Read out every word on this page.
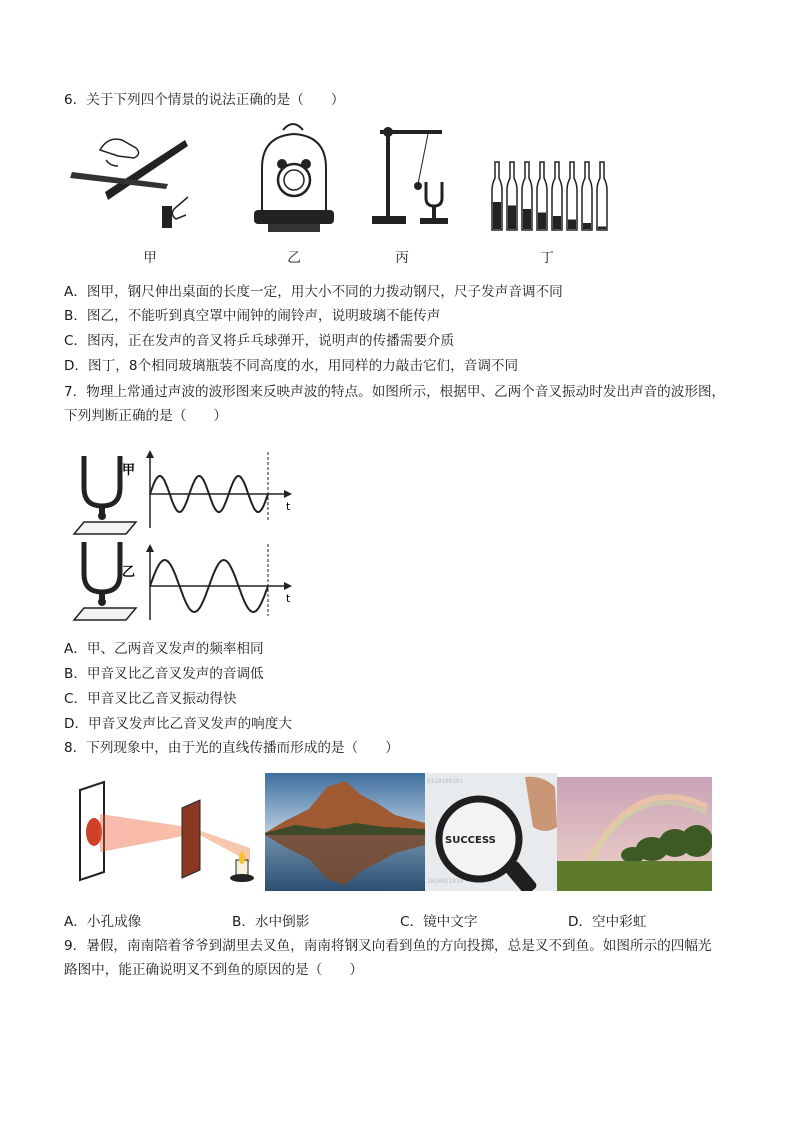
6．关于下列四个情景的说法正确的是（　　）
甲	乙	丙	丁
A．图甲，钢尺伸出桌面的长度一定，用大小不同的力拨动钢尺，尺子发声音调不同
B．图乙，不能听到真空罩中闹钟的闹铃声，说明玻璃不能传声
C．图丙，正在发声的音叉将乒乓球弹开，说明声的传播需要介质
D．图丁，8个相同玻璃瓶装不同高度的水，用同样的力敲击它们，音调不同
7．物理上常通过声波的波形图来反映声波的特点。如图所示，根据甲、乙两个音叉振动时发出声音的波形图，
下列判断正确的是（　　）
甲
t
乙
t
A．甲、乙两音叉发声的频率相同
B．甲音叉比乙音叉发声的音调低
C．甲音叉比乙音叉振动得快
D．甲音叉发声比乙音叉发声的响度大
8．下列现象中，由于光的直线传播而形成的是（　　）
0110100101
1010011010
SUCCESS
A．小孔成像	B．水中倒影	C．镜中文字	D．空中彩虹
9．暑假，南南陪着爷爷到湖里去叉鱼，南南将钢叉向看到鱼的方向投掷，总是叉不到鱼。如图所示的四幅光
路图中，能正确说明叉不到鱼的原因的是（　　）
